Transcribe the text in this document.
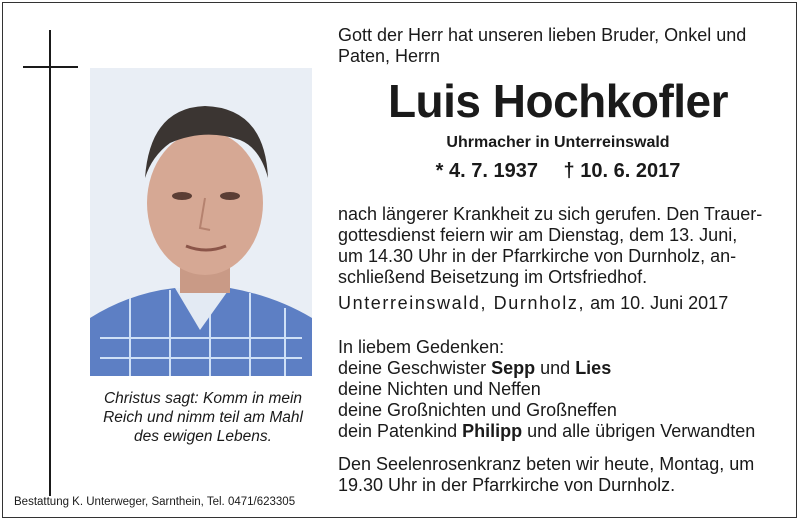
Christus sagt: Komm in mein
Reich und nimm teil am Mahl
des ewigen Lebens.
Bestattung K. Unterweger, Sarnthein, Tel. 0471/623305
Gott der Herr hat unseren lieben Bruder, Onkel und
Paten, Herrn
Luis Hochkofler
Uhrmacher in Unterreinswald
* 4. 7. 1937 † 10. 6. 2017
nach längerer Krankheit zu sich gerufen. Den Trauer-
gottesdienst feiern wir am Dienstag, dem 13. Juni,
um 14.30 Uhr in der Pfarrkirche von Durnholz, an-
schließend Beisetzung im Ortsfriedhof.
Unterreinswald, Durnholz, am 10. Juni 2017
In liebem Gedenken:
deine Geschwister Sepp und Lies
deine Nichten und Neffen
deine Großnichten und Großneffen
dein Patenkind Philipp und alle übrigen Verwandten
Den Seelenrosenkranz beten wir heute, Montag, um
19.30 Uhr in der Pfarrkirche von Durnholz.
